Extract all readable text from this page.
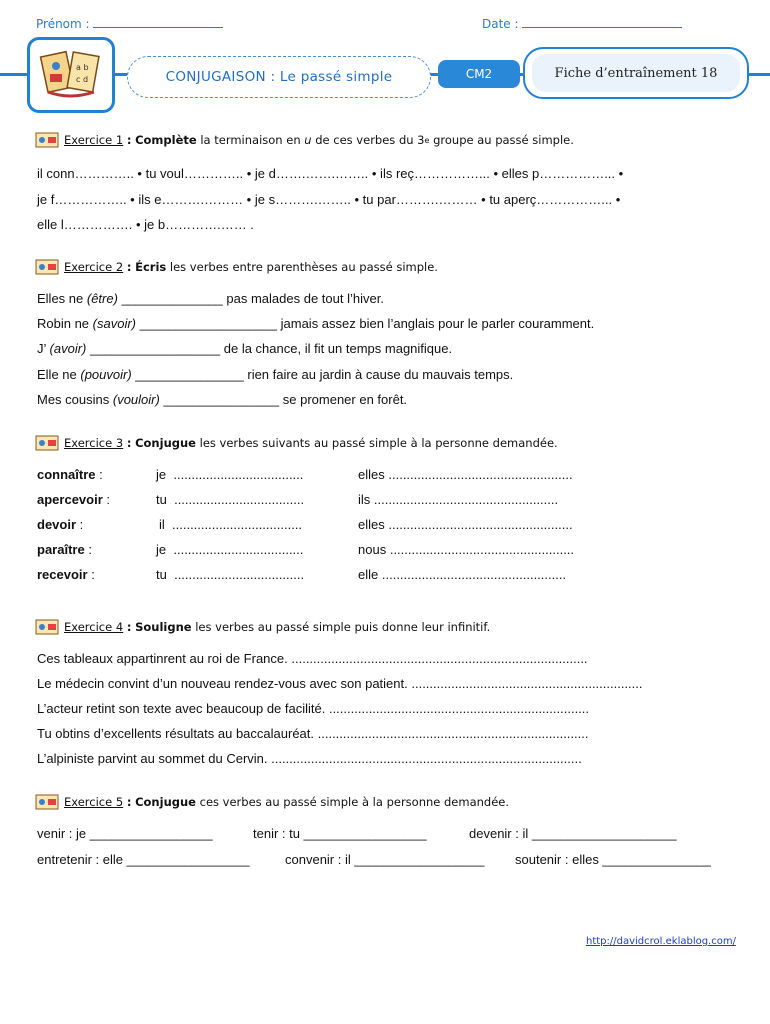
Prénom :	Date :
a b
c d	CONJUGAISON : Le passé simple	CM2	Fiche d’entraînement 18
Exercice 1
:
Complète
la terminaison en
u
de ces verbes du 3 e
groupe au passé simple.
il conn………….. • tu voul………….. • je d…….…….…….. • ils reç……………... • elles p……………... •
je f…………….. • ils e……….……… • je s……….…….. • tu par……….……… • tu aperç……………... •
elle l……………. • je b………….…… .
Exercice 2
:
Écris
les verbes entre parenthèses au passé simple.
Elles ne (être) ______________ pas malades de tout l’hiver.
Robin ne (savoir) ___________________ jamais assez bien l’anglais pour le parler couramment.
J’ (avoir) __________________ de la chance, il fit un temps magnifique.
Elle ne (pouvoir) _______________ rien faire au jardin à cause du mauvais temps.
Mes cousins (vouloir) ________________ se promener en forêt.
Exercice 3
:
Conjugue
les verbes suivants au passé simple à la personne demandée.
connaître :	je ....................................	elles ...................................................
apercevoir :	tu ....................................	ils ...................................................
devoir :	il ....................................	elles ...................................................
paraître :	je ....................................	nous ...................................................
recevoir :	tu ....................................	elle ...................................................
Exercice 4
:
Souligne
les verbes au passé simple puis donne leur infinitif.
Ces tableaux appartinrent au roi de France. ..................................................................................
Le médecin convint d’un nouveau rendez-vous avec son patient. ................................................................
L’acteur retint son texte avec beaucoup de facilité. ........................................................................
Tu obtins d’excellents résultats au baccalauréat. ...........................................................................
L’alpiniste parvint au sommet du Cervin. ......................................................................................
Exercice 5
:
Conjugue
ces verbes au passé simple à la personne demandée.
venir : je _________________	tenir : tu _________________	devenir : il ____________________
entretenir : elle _________________	convenir : il __________________ soutenir : elles _______________
http://davidcrol.eklablog.com/
